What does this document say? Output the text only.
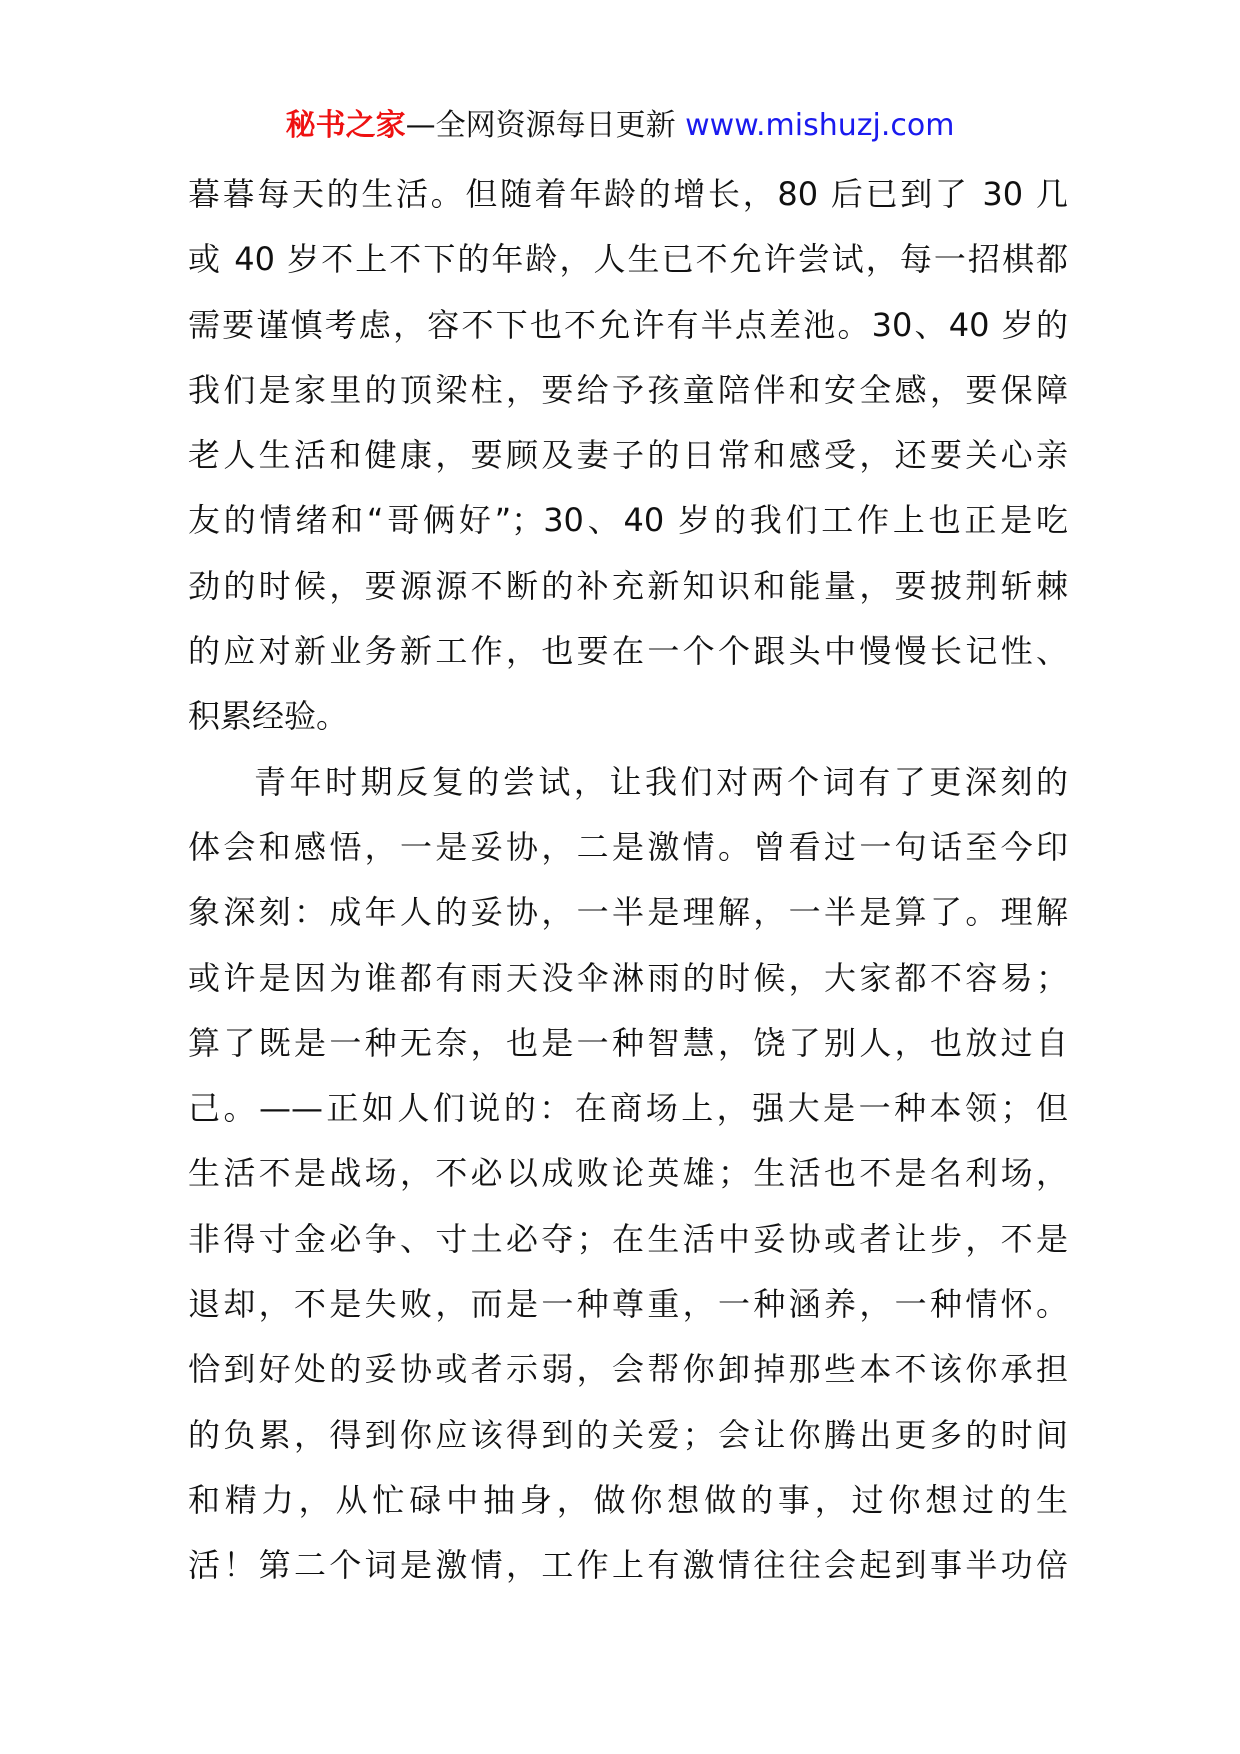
秘书之家—全网资源每日更新 www.mishuzj.com
暮暮每天的生活。但随着年龄的增长，80 后已到了 30 几
或 40 岁不上不下的年龄，人生已不允许尝试，每一招棋都
需要谨慎考虑，容不下也不允许有半点差池。30、40 岁的
我们是家里的顶梁柱，要给予孩童陪伴和安全感，要保障
老人生活和健康，要顾及妻子的日常和感受，还要关心亲
友的情绪和“哥俩好”；30、40 岁的我们工作上也正是吃
劲的时候，要源源不断的补充新知识和能量，要披荆斩棘
的应对新业务新工作，也要在一个个跟头中慢慢长记性、
积累经验。
青年时期反复的尝试，让我们对两个词有了更深刻的
体会和感悟，一是妥协，二是激情。曾看过一句话至今印
象深刻：成年人的妥协，一半是理解，一半是算了。理解
或许是因为谁都有雨天没伞淋雨的时候，大家都不容易；
算了既是一种无奈，也是一种智慧，饶了别人，也放过自
己。——正如人们说的：在商场上，强大是一种本领；但
生活不是战场，不必以成败论英雄；生活也不是名利场，
非得寸金必争、寸土必夺；在生活中妥协或者让步，不是
退却，不是失败，而是一种尊重，一种涵养，一种情怀。
恰到好处的妥协或者示弱，会帮你卸掉那些本不该你承担
的负累，得到你应该得到的关爱；会让你腾出更多的时间
和精力，从忙碌中抽身，做你想做的事，过你想过的生
活！第二个词是激情，工作上有激情往往会起到事半功倍
